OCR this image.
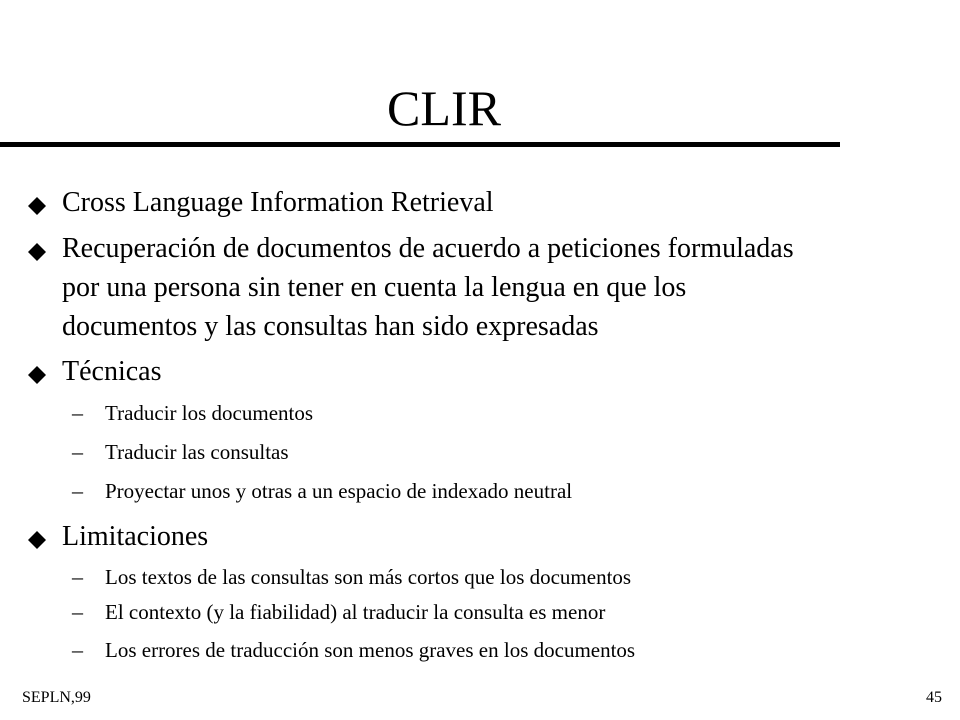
CLIR
Cross Language Information Retrieval
Recuperación de documentos de acuerdo a peticiones formuladas
por una persona sin tener en cuenta la lengua en que los
documentos y las consultas han sido expresadas
Técnicas
– Traducir los documentos
– Traducir las consultas
– Proyectar unos y otras a un espacio de indexado neutral
Limitaciones
– Los textos de las consultas son más cortos que los documentos
– El contexto (y la fiabilidad) al traducir la consulta es menor
– Los errores de traducción son menos graves en los documentos
SEPLN,99	45
